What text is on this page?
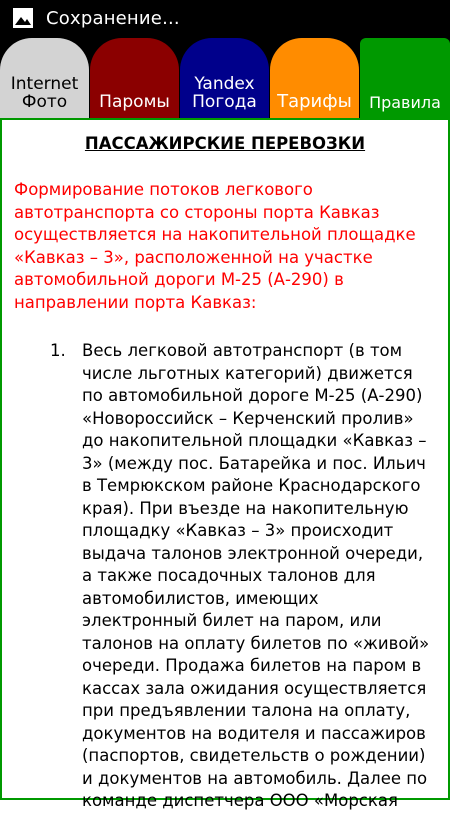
Сохранение...
Internet
Фото Паромы
Yandex
Погода Тарифы Правила
ПАССАЖИРСКИЕ ПЕРЕВОЗКИ
Формирование потоков легкового автотранспорта со стороны порта Кавказ осуществляется на накопительной площадке «Кавказ – 3», расположенной на участке автомобильной дороги М-25 (А-290) в направлении порта Кавказ:
1. Весь легковой автотранспорт (в том числе льготных категорий) движется по автомобильной дороге М-25 (А-290) «Новороссийск – Керченский пролив» до накопительной площадки «Кавказ – 3» (между пос. Батарейка и пос. Ильич в Темрюкском районе Краснодарского края). При въезде на накопительную площадку «Кавказ – 3» происходит выдача талонов электронной очереди, а также посадочных талонов для автомобилистов, имеющих электронный билет на паром, или талонов на оплату билетов по «живой» очереди. Продажа билетов на паром в кассах зала ожидания осуществляется при предъявлении талона на оплату, документов на водителя и пассажиров (паспортов, свидетельств о рождении) и документов на автомобиль. Далее по команде диспетчера ООО «Морская
